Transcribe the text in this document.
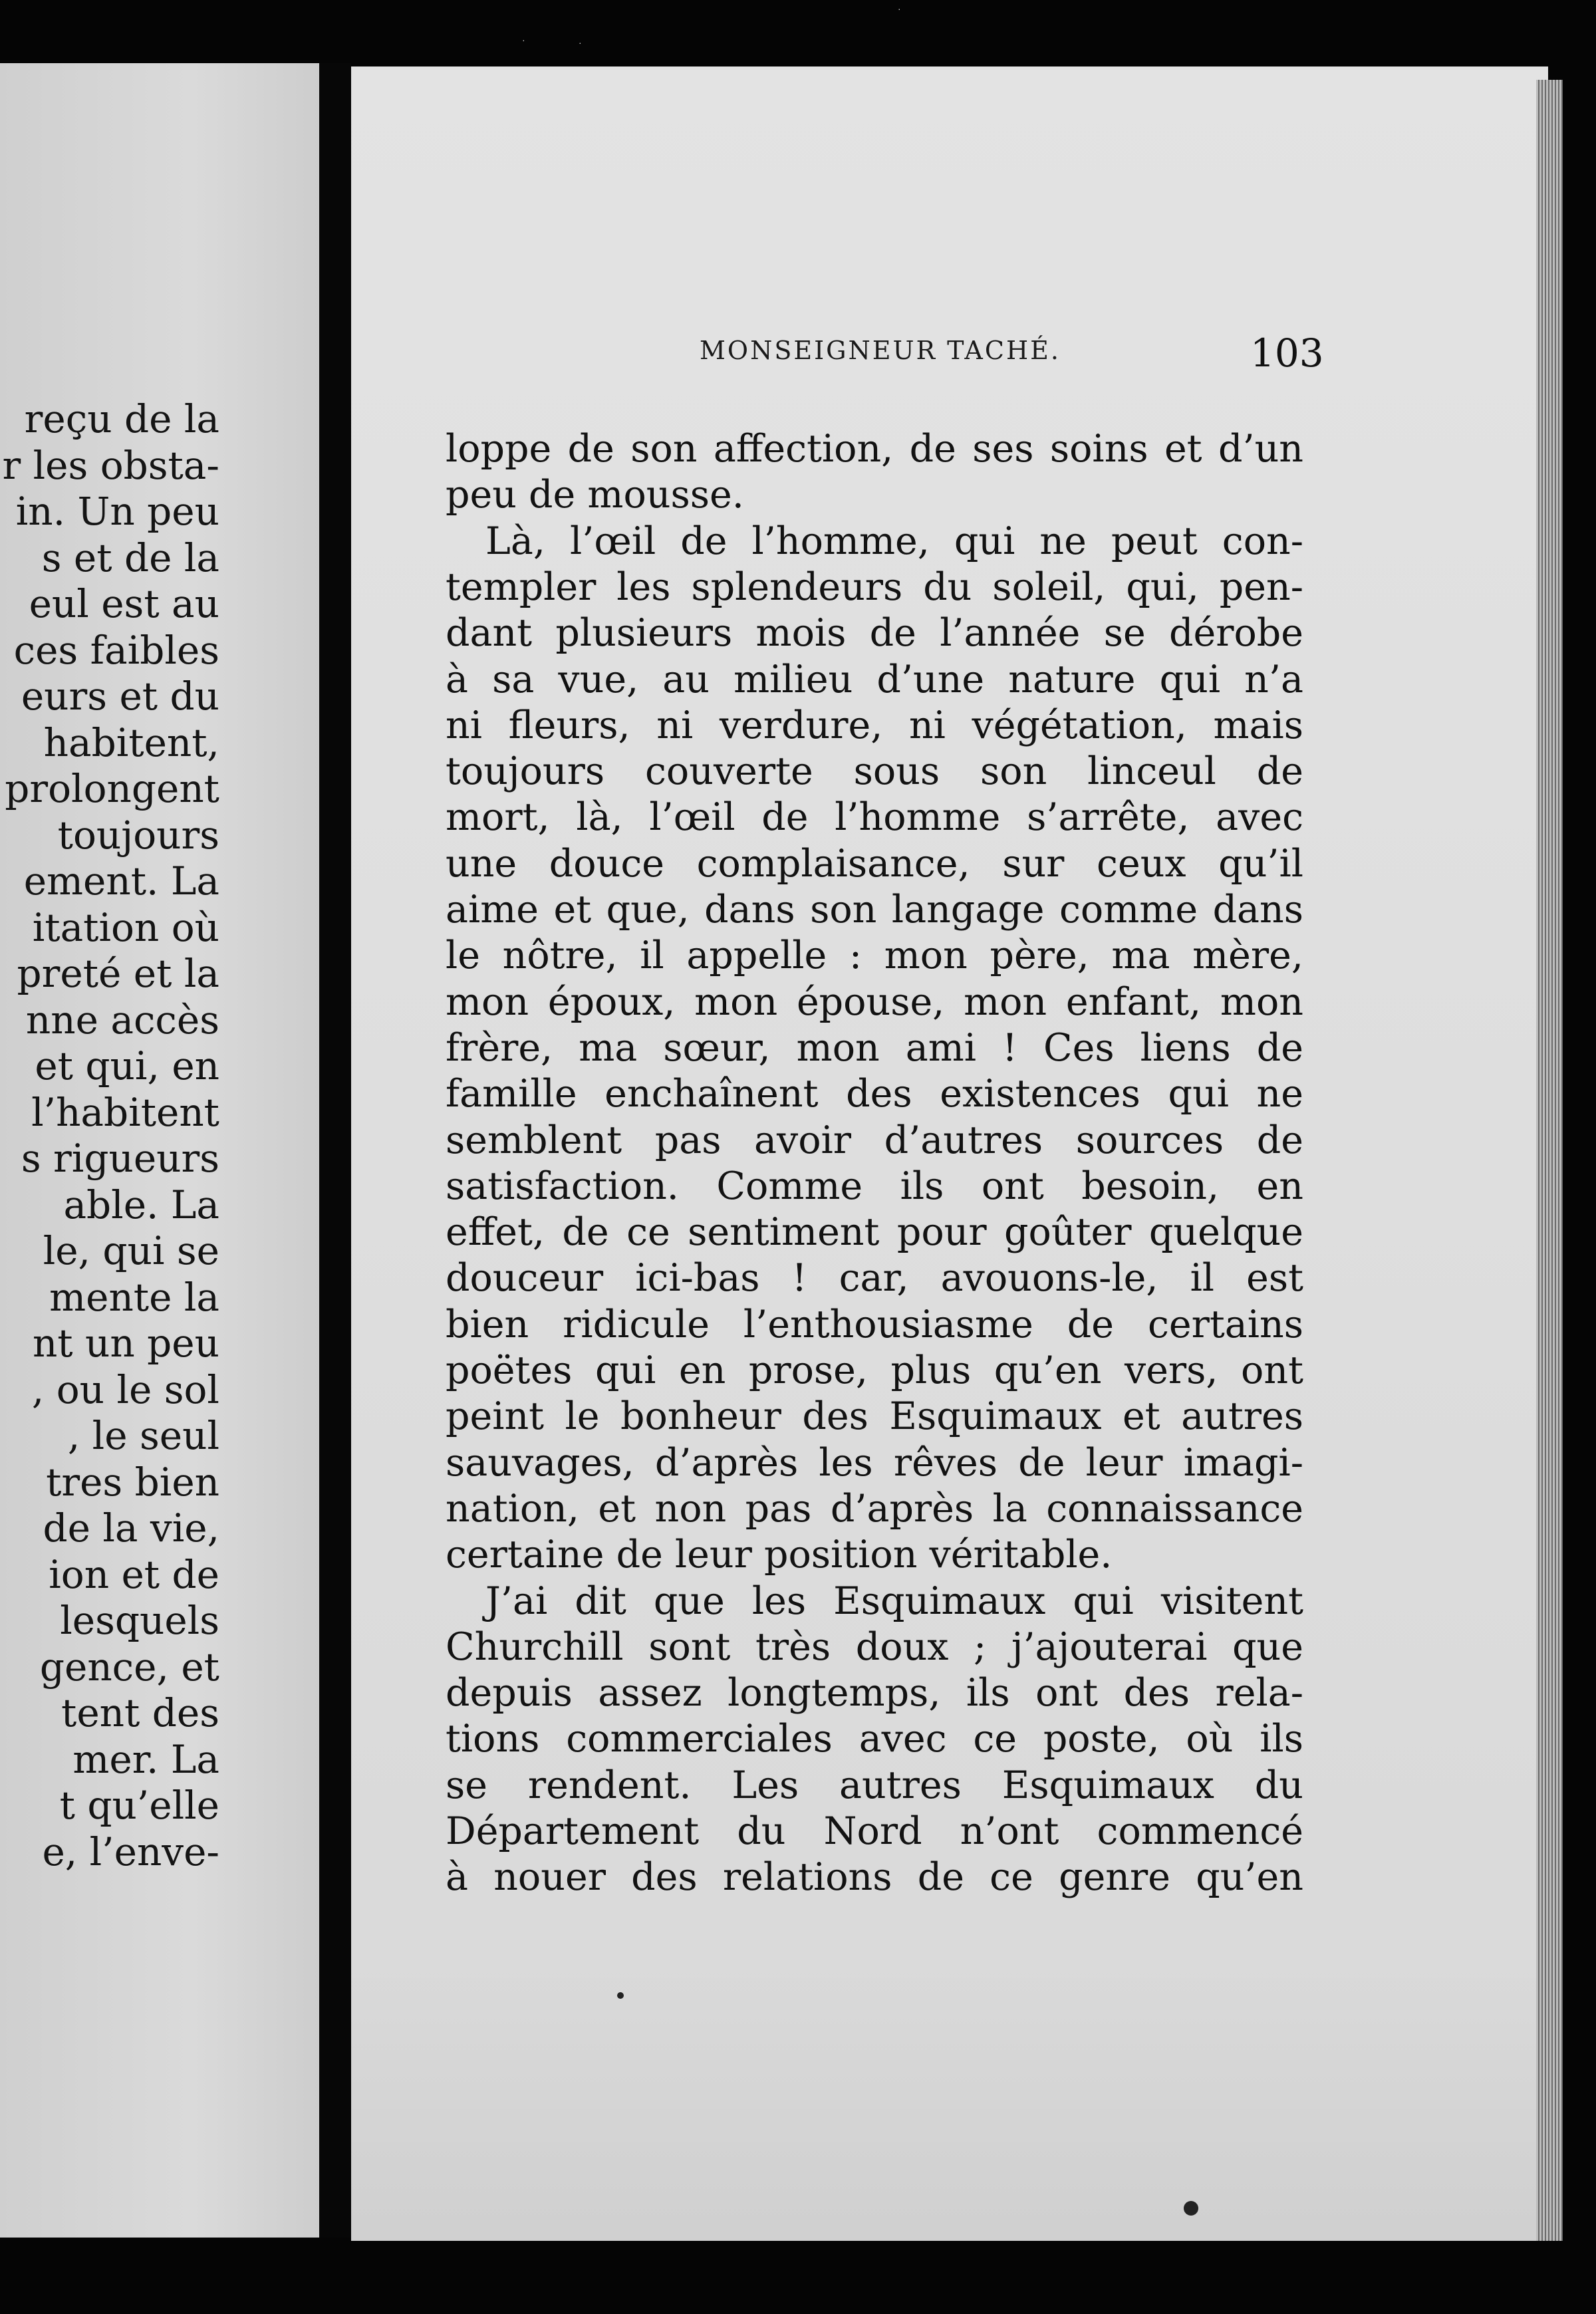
·	·
·
reçu de la
r les obsta-
in. Un peu
s et de la
eul est au
ces faibles
eurs et du
habitent,
prolongent
toujours
ement. La
itation où
preté et la
nne accès
et qui, en
l’habitent
s rigueurs
able. La
le, qui se
mente la
nt un peu
, ou le sol
, le seul
tres bien
de la vie,
ion et de
lesquels
gence, et
tent des
mer. La
t qu’elle
e, l’enve-
MONSEIGNEUR TACHÉ.	103
loppe de son affection, de ses soins et d’un
peu de mousse.
Là, l’œil de l’homme, qui ne peut con-
templer les splendeurs du soleil, qui, pen-
dant plusieurs mois de l’année se dérobe
à sa vue, au milieu d’une nature qui n’a
ni fleurs, ni verdure, ni végétation, mais
toujours couverte sous son linceul de
mort, là, l’œil de l’homme s’arrête, avec
une douce complaisance, sur ceux qu’il
aime et que, dans son langage comme dans
le nôtre, il appelle : mon père, ma mère,
mon époux, mon épouse, mon enfant, mon
frère, ma sœur, mon ami ! Ces liens de
famille enchaînent des existences qui ne
semblent pas avoir d’autres sources de
satisfaction. Comme ils ont besoin, en
effet, de ce sentiment pour goûter quelque
douceur ici-bas ! car, avouons-le, il est
bien ridicule l’enthousiasme de certains
poëtes qui en prose, plus qu’en vers, ont
peint le bonheur des Esquimaux et autres
sauvages, d’après les rêves de leur imagi-
nation, et non pas d’après la connaissance
certaine de leur position véritable.
J’ai dit que les Esquimaux qui visitent
Churchill sont très doux ; j’ajouterai que
depuis assez longtemps, ils ont des rela-
tions commerciales avec ce poste, où ils
se rendent. Les autres Esquimaux du
Département du Nord n’ont commencé
à nouer des relations de ce genre qu’en
